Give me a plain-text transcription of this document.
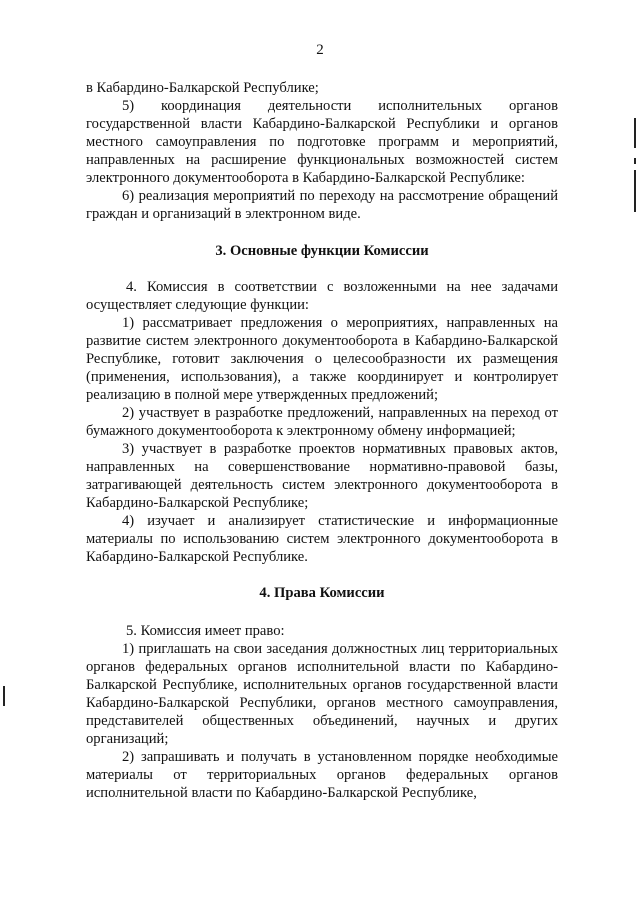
2

в Кабардино-Балкарской Республике;

5) координация деятельности исполнительных органов государственной власти Кабардино-Балкарской Республики и органов местного самоуправления по подготовке программ и мероприятий, направленных на расширение функциональных возможностей систем электронного документооборота в Кабардино-Балкарской Республике:

6) реализация мероприятий по переходу на рассмотрение обращений граждан и организаций в электронном виде.

3. Основные функции Комиссии

4. Комиссия в соответствии с возложенными на нее задачами осуществляет следующие функции:

1) рассматривает предложения о мероприятиях, направленных на развитие систем электронного документооборота в Кабардино-Балкарской Республике, готовит заключения о целесообразности их размещения (применения, использования), а также координирует и контролирует реализацию в полной мере утвержденных предложений;

2) участвует в разработке предложений, направленных на переход от бумажного документооборота к электронному обмену информацией;

3) участвует в разработке проектов нормативных правовых актов, направленных на совершенствование нормативно-правовой базы, затрагивающей деятельность систем электронного документооборота в Кабардино-Балкарской Республике;

4) изучает и анализирует статистические и информационные материалы по использованию систем электронного документооборота в Кабардино-Балкарской Республике.

4. Права Комиссии

5. Комиссия имеет право:

1) приглашать на свои заседания должностных лиц территориальных органов федеральных органов исполнительной власти по Кабардино-Балкарской Республике, исполнительных органов государственной власти Кабардино-Балкарской Республики, органов местного самоуправления, представителей общественных объединений, научных и других организаций;

2) запрашивать и получать в установленном порядке необходимые материалы от территориальных органов федеральных органов исполнительной власти по Кабардино-Балкарской Республике,
